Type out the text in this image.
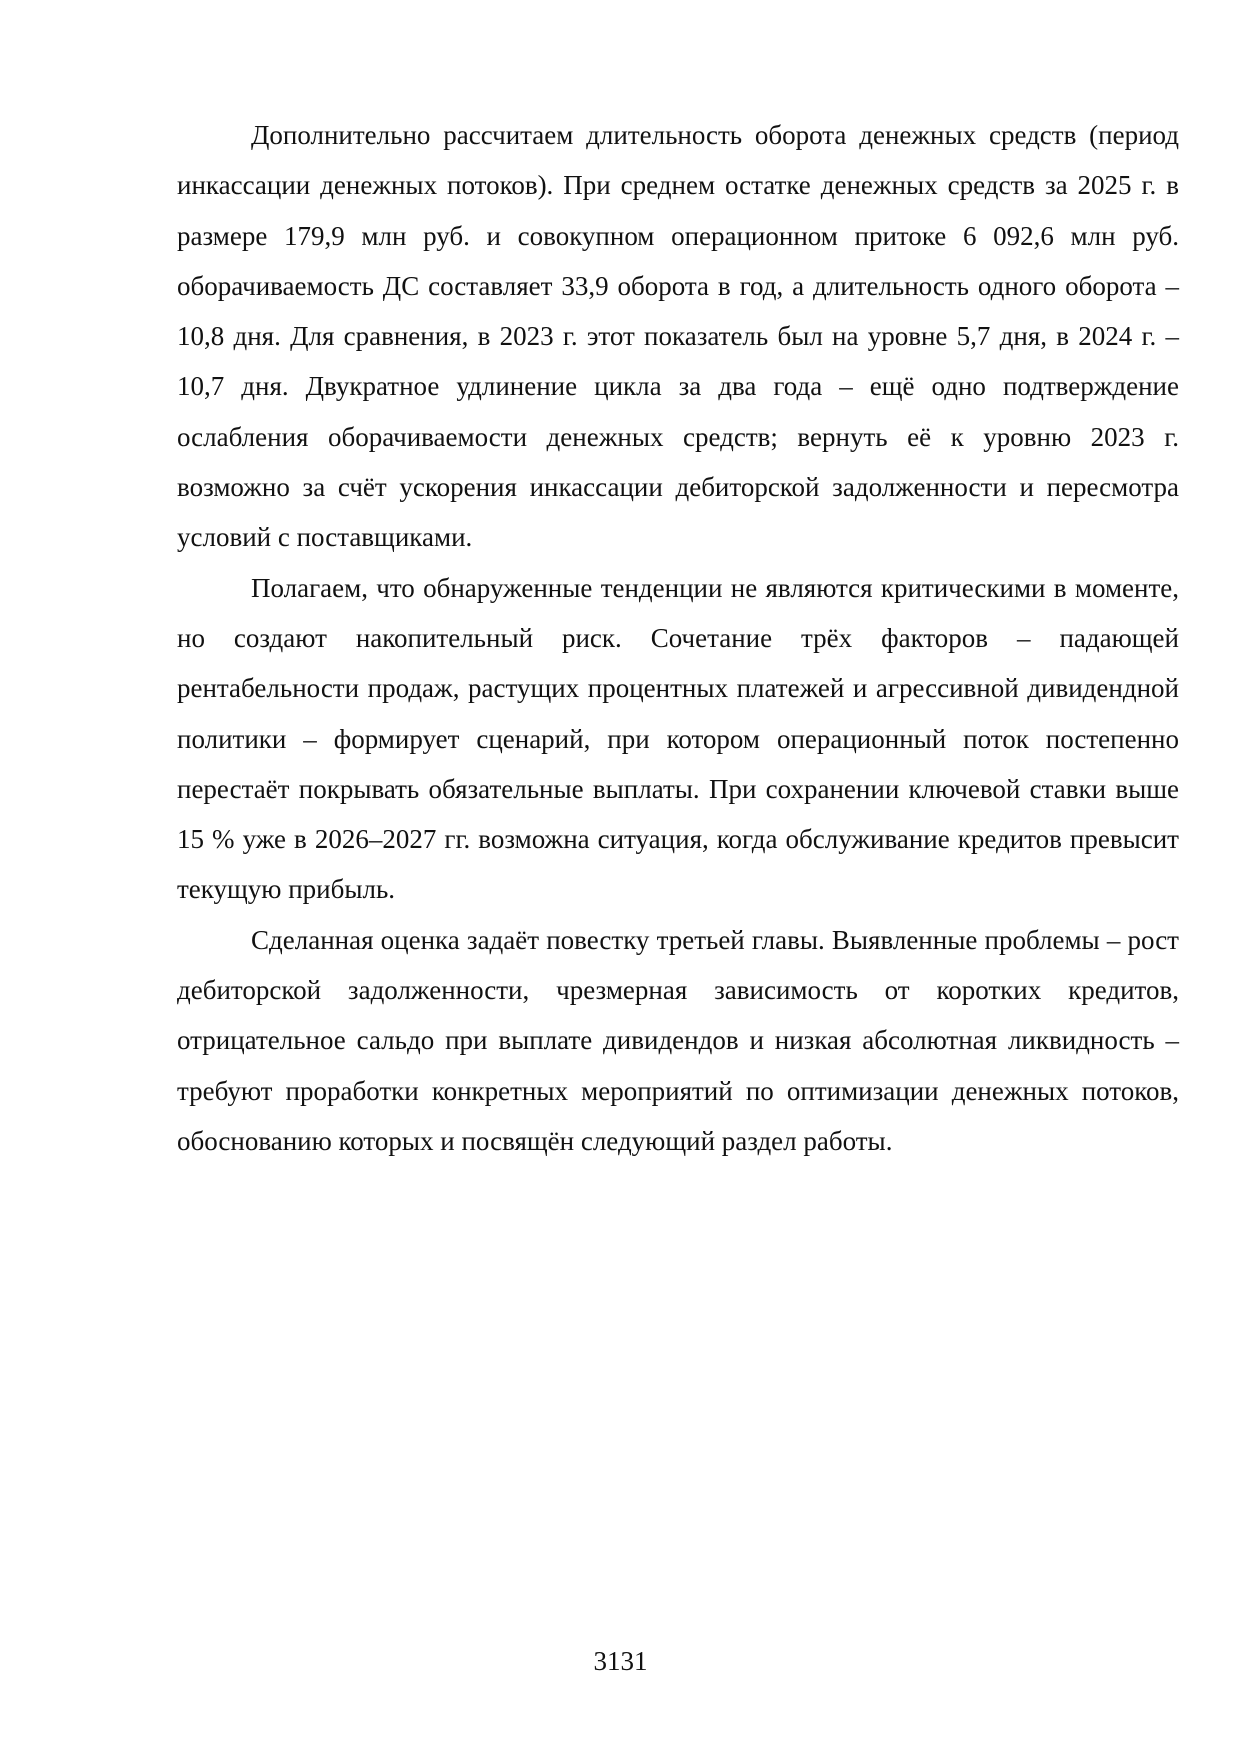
Дополнительно рассчитаем длительность оборота денежных средств (период инкассации денежных потоков). При среднем остатке денежных средств за 2025 г. в размере 179,9 млн руб. и совокупном операционном притоке 6 092,6 млн руб. оборачиваемость ДС составляет 33,9 оборота в год, а длительность одного оборота – 10,8 дня. Для сравнения, в 2023 г. этот показатель был на уровне 5,7 дня, в 2024 г. – 10,7 дня. Двукратное удлинение цикла за два года – ещё одно подтверждение ослабления оборачиваемости денежных средств; вернуть её к уровню 2023 г. возможно за счёт ускорения инкассации дебиторской задолженности и пересмотра условий с поставщиками.

Полагаем, что обнаруженные тенденции не являются критическими в моменте, но создают накопительный риск. Сочетание трёх факторов – падающей рентабельности продаж, растущих процентных платежей и агрессивной дивидендной политики – формирует сценарий, при котором операционный поток постепенно перестаёт покрывать обязательные выплаты. При сохранении ключевой ставки выше 15 % уже в 2026–2027 гг. возможна ситуация, когда обслуживание кредитов превысит текущую прибыль.

Сделанная оценка задаёт повестку третьей главы. Выявленные проблемы – рост дебиторской задолженности, чрезмерная зависимость от коротких кредитов, отрицательное сальдо при выплате дивидендов и низкая абсолютная ликвидность – требуют проработки конкретных мероприятий по оптимизации денежных потоков, обоснованию которых и посвящён следующий раздел работы.

3131
